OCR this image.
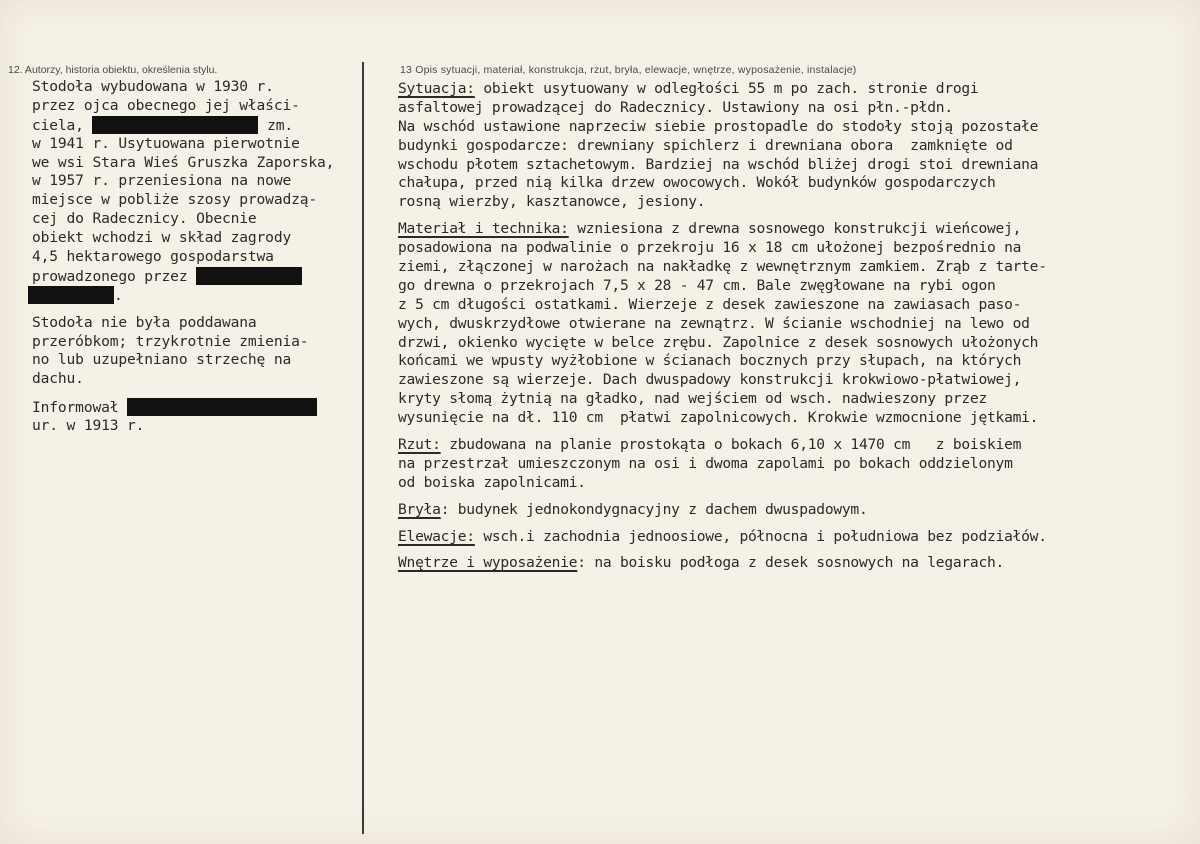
12. Autorzy, historia obiektu, określenia stylu.	13 Opis sytuacji, materiał, konstrukcja, rzut, bryła, elewacje, wnętrze, wyposażenie, instalacje)
Stodoła wybudowana w 1930 r.
przez ojca obecnego jej właści-
ciela,	zm.
w 1941 r. Usytuowana pierwotnie
we wsi Stara Wieś Gruszka Zaporska,
w 1957 r. przeniesiona na nowe
miejsce w pobliże szosy prowadzą-
cej do Radecznicy. Obecnie
obiekt wchodzi w skład zagrody
4,5 hektarowego gospodarstwa
prowadzonego przez
.
Stodoła nie była poddawana
przeróbkom; trzykrotnie zmienia-
no lub uzupełniano strzechę na
dachu.
Informował
ur. w 1913 r.
Sytuacja: obiekt usytuowany w odległości 55 m po zach. stronie drogi
asfaltowej prowadzącej do Radecznicy. Ustawiony na osi płn.-płdn.
Na wschód ustawione naprzeciw siebie prostopadle do stodoły stoją pozostałe
budynki gospodarcze: drewniany spichlerz i drewniana obora  zamknięte od
wschodu płotem sztachetowym. Bardziej na wschód bliżej drogi stoi drewniana
chałupa, przed nią kilka drzew owocowych. Wokół budynków gospodarczych
rosną wierzby, kasztanowce, jesiony.
Materiał i technika: wzniesiona z drewna sosnowego konstrukcji wieńcowej,
posadowiona na podwalinie o przekroju 16 x 18 cm ułożonej bezpośrednio na
ziemi, złączonej w narożach na nakładkę z wewnętrznym zamkiem. Zrąb z tarte-
go drewna o przekrojach 7,5 x 28 - 47 cm. Bale zwęgłowane na rybi ogon
z 5 cm długości ostatkami. Wierzeje z desek zawieszone na zawiasach paso-
wych, dwuskrzydłowe otwierane na zewnątrz. W ścianie wschodniej na lewo od
drzwi, okienko wycięte w belce zrębu. Zapolnice z desek sosnowych ułożonych
końcami we wpusty wyżłobione w ścianach bocznych przy słupach, na których
zawieszone są wierzeje. Dach dwuspadowy konstrukcji krokwiowo-płatwiowej,
kryty słomą żytnią na gładko, nad wejściem od wsch. nadwieszony przez
wysunięcie na dł. 110 cm  płatwi zapolnicowych. Krokwie wzmocnione jętkami.
Rzut: zbudowana na planie prostokąta o bokach 6,10 x 1470 cm   z boiskiem
na przestrzał umieszczonym na osi i dwoma zapolami po bokach oddzielonym
od boiska zapolnicami.
Bryła: budynek jednokondygnacyjny z dachem dwuspadowym.
Elewacje: wsch.i zachodnia jednoosiowe, północna i południowa bez podziałów.
Wnętrze i wyposażenie: na boisku podłoga z desek sosnowych na legarach.
